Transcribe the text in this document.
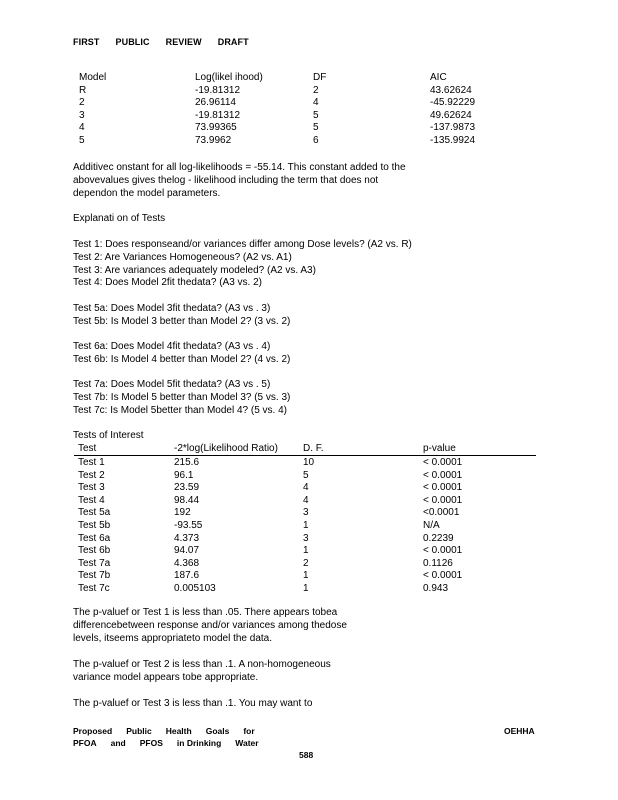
FIRST PUBLIC REVIEW DRAFT
Model	Log(likel ihood)	DF	AIC
R	-19.81312	2	43.62624
2	26.96114	4	-45.92229
3	-19.81312	5	49.62624
4	73.99365	5	-137.9873
5	73.9962	6	-135.9924
Additivec onstant for all log-likelihoods = -55.14. This constant added to the
abovevalues gives thelog - likelihood including the term that does not
dependon the model parameters.
Explanati on of Tests
Test 1: Does responseand/or variances differ among Dose levels? (A2 vs. R)
Test 2: Are Variances Homogeneous? (A2 vs. A1)
Test 3: Are variances adequately modeled? (A2 vs. A3)
Test 4: Does Model 2fit thedata? (A3 vs. 2)
Test 5a: Does Model 3fit thedata? (A3 vs . 3)
Test 5b: Is Model 3 better than Model 2? (3 vs. 2)
Test 6a: Does Model 4fit thedata? (A3 vs . 4)
Test 6b: Is Model 4 better than Model 2? (4 vs. 2)
Test 7a: Does Model 5fit thedata? (A3 vs . 5)
Test 7b: Is Model 5 better than Model 3? (5 vs. 3)
Test 7c: Is Model 5better than Model 4? (5 vs. 4)
Tests of Interest
Test	-2*log(Likelihood Ratio)	D. F.	p-value
Test 1	215.6	10	< 0.0001
Test 2	96.1	5	< 0.0001
Test 3	23.59	4	< 0.0001
Test 4	98.44	4	< 0.0001
Test 5a	192	3	<0.0001
Test 5b	-93.55	1	N/A
Test 6a	4.373	3	0.2239
Test 6b	94.07	1	< 0.0001
Test 7a	4.368	2	0.1126
Test 7b	187.6	1	< 0.0001
Test 7c	0.005103	1	0.943
The p-valuef or Test 1 is less than .05. There appears tobea
differencebetween response and/or variances among thedose
levels, itseems appropriateto model the data.
The p-valuef or Test 2 is less than .1. A non-homogeneous
variance model appears tobe appropriate.
The p-valuef or Test 3 is less than .1. You may want to
Proposed Public Health Goals for
PFOA and PFOS in Drinking Water
OEHHA
588
